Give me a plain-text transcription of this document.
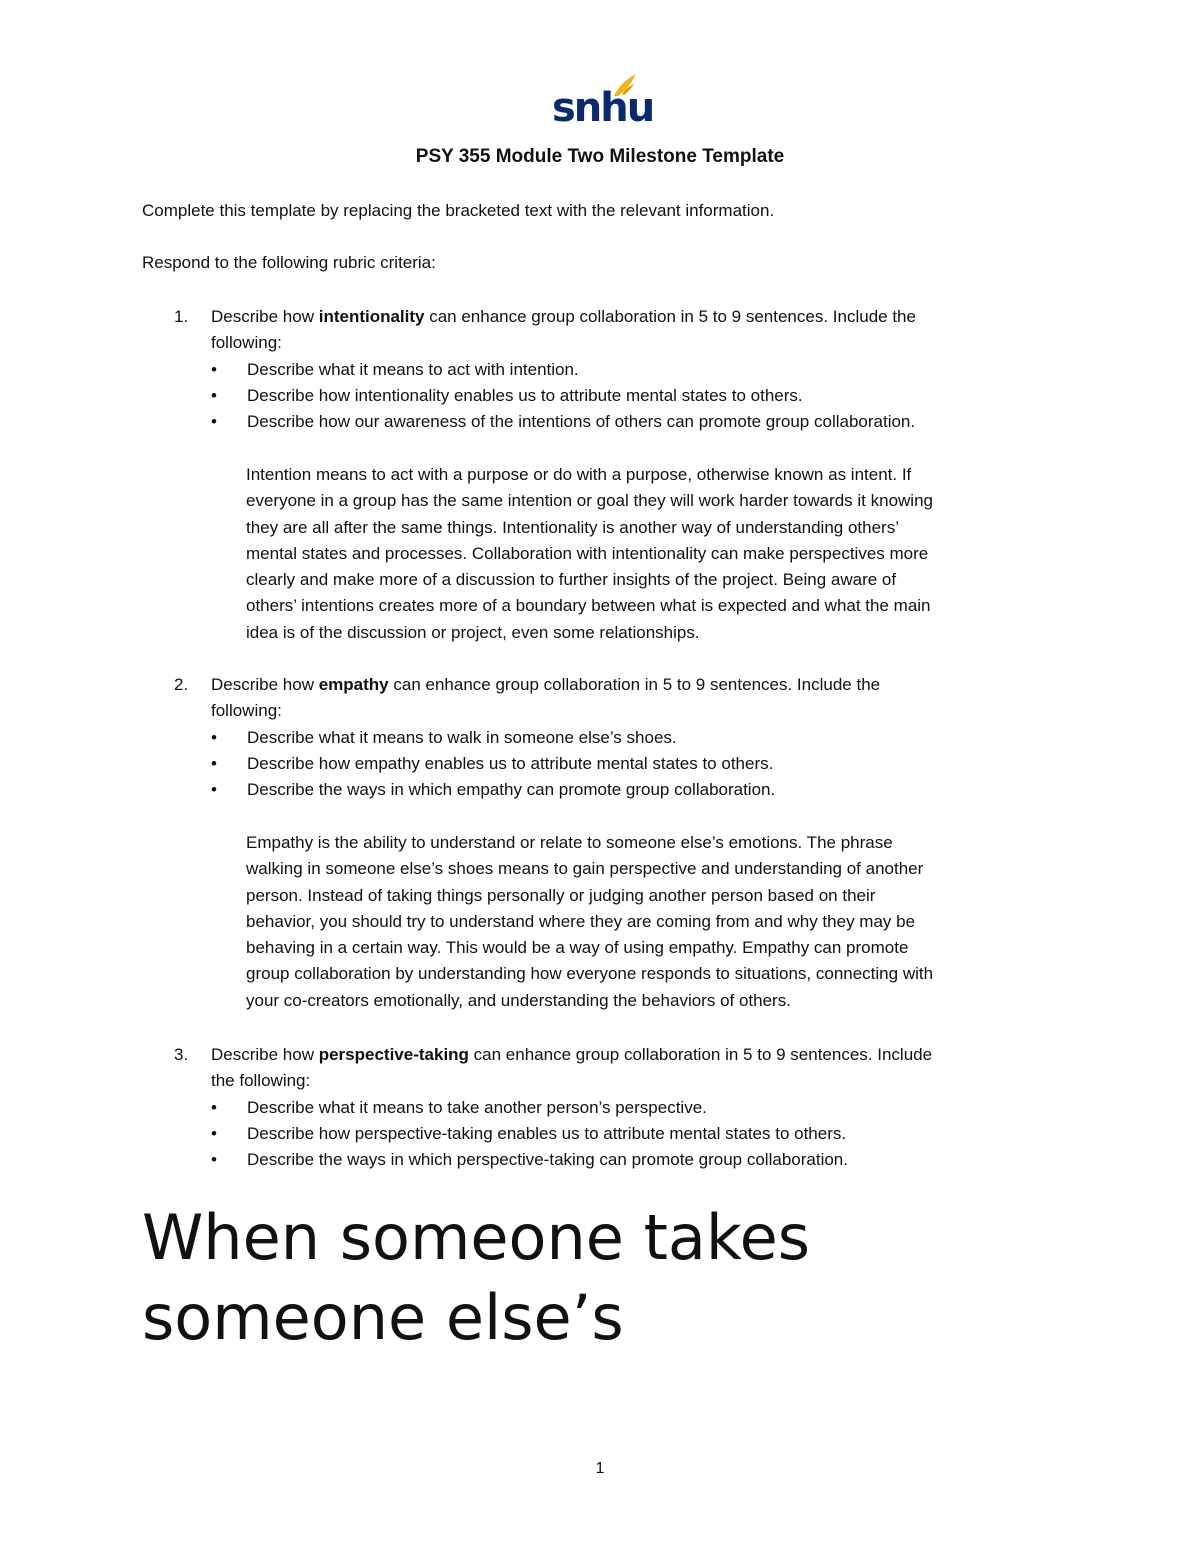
snhu
PSY 355 Module Two Milestone Template
Complete this template by replacing the bracketed text with the relevant information.
Respond to the following rubric criteria:
1. Describe how intentionality can enhance group collaboration in 5 to 9 sentences. Include the
following:
• Describe what it means to act with intention.
• Describe how intentionality enables us to attribute mental states to others.
• Describe how our awareness of the intentions of others can promote group collaboration.
Intention means to act with a purpose or do with a purpose, otherwise known as intent. If
everyone in a group has the same intention or goal they will work harder towards it knowing
they are all after the same things. Intentionality is another way of understanding others’
mental states and processes. Collaboration with intentionality can make perspectives more
clearly and make more of a discussion to further insights of the project. Being aware of
others’ intentions creates more of a boundary between what is expected and what the main
idea is of the discussion or project, even some relationships.
2. Describe how empathy can enhance group collaboration in 5 to 9 sentences. Include the
following:
• Describe what it means to walk in someone else’s shoes.
• Describe how empathy enables us to attribute mental states to others.
• Describe the ways in which empathy can promote group collaboration.
Empathy is the ability to understand or relate to someone else’s emotions. The phrase
walking in someone else’s shoes means to gain perspective and understanding of another
person. Instead of taking things personally or judging another person based on their
behavior, you should try to understand where they are coming from and why they may be
behaving in a certain way. This would be a way of using empathy. Empathy can promote
group collaboration by understanding how everyone responds to situations, connecting with
your co-creators emotionally, and understanding the behaviors of others.
3. Describe how perspective-taking can enhance group collaboration in 5 to 9 sentences. Include
the following:
• Describe what it means to take another person’s perspective.
• Describe how perspective-taking enables us to attribute mental states to others.
• Describe the ways in which perspective-taking can promote group collaboration.
When someone takes
someone else’s
1
